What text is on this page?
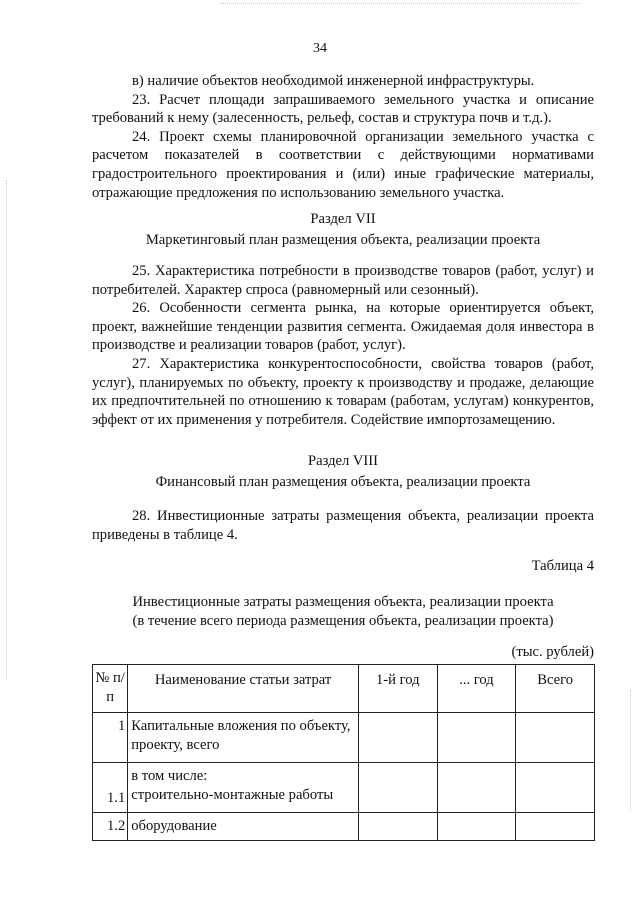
34

в) наличие объектов необходимой инженерной инфраструктуры.

23. Расчет площади запрашиваемого земельного участка и описание требований к нему (залесенность, рельеф, состав и структура почв и т.д.).

24. Проект схемы планировочной организации земельного участка с расчетом показателей в соответствии с действующими нормативами градостроительного проектирования и (или) иные графические материалы, отражающие предложения по использованию земельного участка.

Раздел VII

Маркетинговый план размещения объекта, реализации проекта

25. Характеристика потребности в производстве товаров (работ, услуг) и потребителей. Характер спроса (равномерный или сезонный).

26. Особенности сегмента рынка, на которые ориентируется объект, проект, важнейшие тенденции развития сегмента. Ожидаемая доля инвестора в производстве и реализации товаров (работ, услуг).

27. Характеристика конкурентоспособности, свойства товаров (работ, услуг), планируемых по объекту, проекту к производству и продаже, делающие их предпочтительней по отношению к товарам (работам, услугам) конкурентов, эффект от их применения у потребителя. Содействие импортозамещению.

Раздел VIII

Финансовый план размещения объекта, реализации проекта

28. Инвестиционные затраты размещения объекта, реализации проекта приведены в таблице 4.

Таблица 4

Инвестиционные затраты размещения объекта, реализации проекта

(в течение всего периода размещения объекта, реализации проекта)

(тыс. рублей)

№ п/п	Наименование статьи затрат	1-й год	... год	Всего
1	Капитальные вложения по объекту, проекту, всего			
1.1	в том числе:
строительно-монтажные работы			

1.2	оборудование			
